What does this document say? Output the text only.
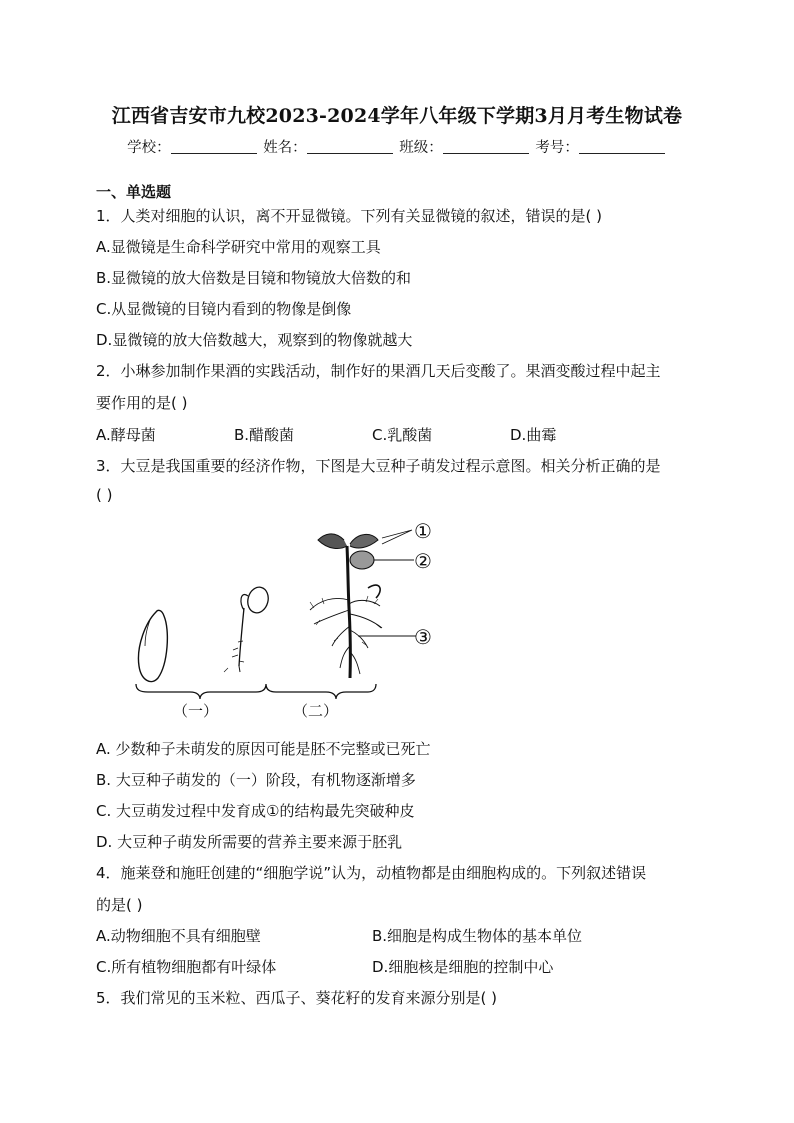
江西省吉安市九校2023-2024学年八年级下学期3月月考生物试卷
学校：	姓名：	班级：	考号：
一、单选题
1．人类对细胞的认识，离不开显微镜。下列有关显微镜的叙述，错误的是( )
A.显微镜是生命科学研究中常用的观察工具
B.显微镜的放大倍数是目镜和物镜放大倍数的和
C.从显微镜的目镜内看到的物像是倒像
D.显微镜的放大倍数越大，观察到的物像就越大
2．小琳参加制作果酒的实践活动，制作好的果酒几天后变酸了。果酒变酸过程中起主
要作用的是( )
A.酵母菌	B.醋酸菌	C.乳酸菌	D.曲霉
3．大豆是我国重要的经济作物，下图是大豆种子萌发过程示意图。相关分析正确的是
( )
①
②
③
（一）	（二）
A. 少数种子未萌发的原因可能是胚不完整或已死亡
B. 大豆种子萌发的（一）阶段，有机物逐渐增多
C. 大豆萌发过程中发育成①的结构最先突破种皮
D. 大豆种子萌发所需要的营养主要来源于胚乳
4．施莱登和施旺创建的“细胞学说”认为，动植物都是由细胞构成的。下列叙述错误
的是( )
A.动物细胞不具有细胞壁	B.细胞是构成生物体的基本单位
C.所有植物细胞都有叶绿体	D.细胞核是细胞的控制中心
5．我们常见的玉米粒、西瓜子、葵花籽的发育来源分别是( )
